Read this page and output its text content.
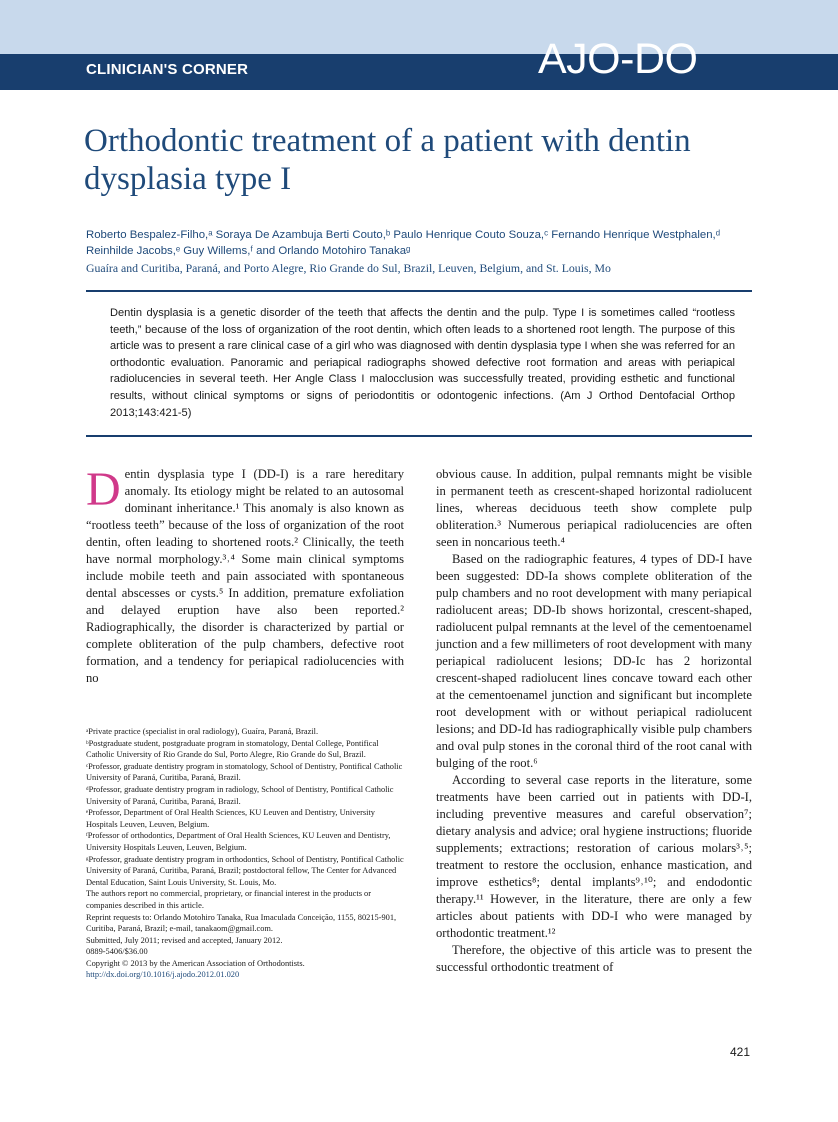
CLINICIAN'S CORNER	AJO-DO
Orthodontic treatment of a patient with dentin dysplasia type I
Roberto Bespalez-Filho,ᵃ Soraya De Azambuja Berti Couto,ᵇ Paulo Henrique Couto Souza,ᶜ Fernando Henrique Westphalen,ᵈ Reinhilde Jacobs,ᵉ Guy Willems,ᶠ and Orlando Motohiro Tanakaᵍ
Guaíra and Curitiba, Paraná, and Porto Alegre, Rio Grande do Sul, Brazil, Leuven, Belgium, and St. Louis, Mo
Dentin dysplasia is a genetic disorder of the teeth that affects the dentin and the pulp. Type I is sometimes called “rootless teeth,” because of the loss of organization of the root dentin, which often leads to a shortened root length. The purpose of this article was to present a rare clinical case of a girl who was diagnosed with dentin dysplasia type I when she was referred for an orthodontic evaluation. Panoramic and periapical radiographs showed defective root formation and areas with periapical radiolucencies in several teeth. Her Angle Class I malocclusion was successfully treated, providing esthetic and functional results, without clinical symptoms or signs of periodontitis or odontogenic infections. (Am J Orthod Dentofacial Orthop 2013;143:421-5)
D entin dysplasia type I (DD-I) is a rare hereditary anomaly. Its etiology might be related to an autosomal dominant inheritance.¹ This anomaly is also known as “rootless teeth” because of the loss of organization of the root dentin, often leading to shortened roots.² Clinically, the teeth have normal morphology.³˒⁴ Some main clinical symptoms include mobile teeth and pain associated with spontaneous dental abscesses or cysts.⁵ In addition, premature exfoliation and delayed eruption have also been reported.² Radiographically, the disorder is characterized by partial or complete obliteration of the pulp chambers, defective root formation, and a tendency for periapical radiolucencies with no

obvious cause. In addition, pulpal remnants might be visible in permanent teeth as crescent-shaped horizontal radiolucent lines, whereas deciduous teeth show complete pulp obliteration.³ Numerous periapical radiolucencies are often seen in noncarious teeth.⁴

Based on the radiographic features, 4 types of DD-I have been suggested: DD-Ia shows complete obliteration of the pulp chambers and no root development with many periapical radiolucent areas; DD-Ib shows horizontal, crescent-shaped, radiolucent pulpal remnants at the level of the cementoenamel junction and a few millimeters of root development with many periapical radiolucent lesions; DD-Ic has 2 horizontal crescent-shaped radiolucent lines concave toward each other at the cementoenamel junction and significant but incomplete root development with or without periapical radiolucent lesions; and DD-Id has radiographically visible pulp chambers and oval pulp stones in the coronal third of the root canal with bulging of the root.⁶

According to several case reports in the literature, some treatments have been carried out in patients with DD-I, including preventive measures and careful observation⁷; dietary analysis and advice; oral hygiene instructions; fluoride supplements; extractions; restoration of carious molars³˒⁵; treatment to restore the occlusion, enhance mastication, and improve esthetics⁸; dental implants⁹˒¹⁰; and endodontic therapy.¹¹ However, in the literature, there are only a few articles about patients with DD-I who were managed by orthodontic treatment.¹²

Therefore, the objective of this article was to present the successful orthodontic treatment of

ᵃPrivate practice (specialist in oral radiology), Guaíra, Paraná, Brazil.

ᵇPostgraduate student, postgraduate program in stomatology, Dental College, Pontifical Catholic University of Rio Grande do Sul, Porto Alegre, Rio Grande do Sul, Brazil.

ᶜProfessor, graduate dentistry program in stomatology, School of Dentistry, Pontifical Catholic University of Paraná, Curitiba, Paraná, Brazil.

ᵈProfessor, graduate dentistry program in radiology, School of Dentistry, Pontifical Catholic University of Paraná, Curitiba, Paraná, Brazil.

ᵉProfessor, Department of Oral Health Sciences, KU Leuven and Dentistry, University Hospitals Leuven, Leuven, Belgium.

ᶠProfessor of orthodontics, Department of Oral Health Sciences, KU Leuven and Dentistry, University Hospitals Leuven, Leuven, Belgium.

ᵍProfessor, graduate dentistry program in orthodontics, School of Dentistry, Pontifical Catholic University of Paraná, Curitiba, Paraná, Brazil; postdoctoral fellow, The Center for Advanced Dental Education, Saint Louis University, St. Louis, Mo.

The authors report no commercial, proprietary, or financial interest in the products or companies described in this article.

Reprint requests to: Orlando Motohiro Tanaka, Rua Imaculada Conceição, 1155, 80215-901, Curitiba, Paraná, Brazil; e-mail, tanakaom@gmail.com.

Submitted, July 2011; revised and accepted, January 2012.

0889-5406/$36.00

Copyright © 2013 by the American Association of Orthodontists.

http://dx.doi.org/10.1016/j.ajodo.2012.01.020

421
